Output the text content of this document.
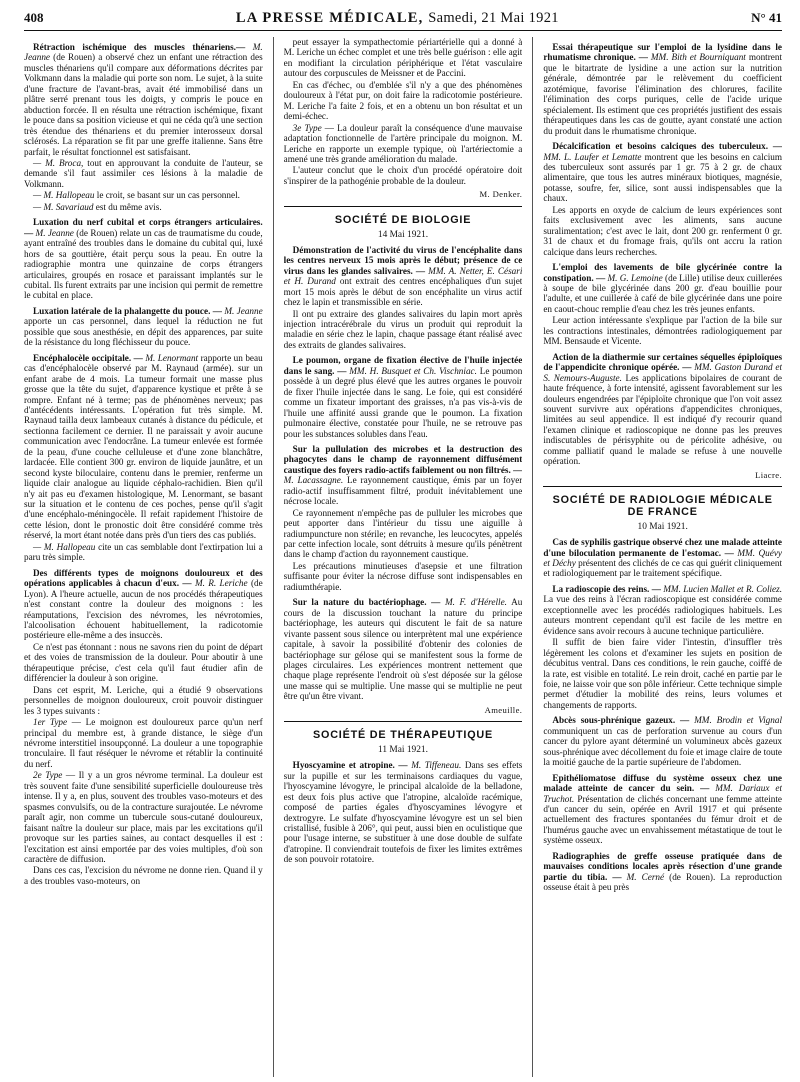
408	LA PRESSE MÉDICALE, Samedi, 21 Mai 1921	N° 41

Rétraction ischémique des muscles thénariens.— M. Jeanne (de Rouen) a observé chez un enfant une rétraction des muscles thénariens qu'il compare aux déformations décrites par Volkmann dans la maladie qui porte son nom. Le sujet, à la suite d'une fracture de l'avant-bras, avait été immobilisé dans un plâtre serré prenant tous les doigts, y compris le pouce en abduction forcée. Il en résulta une rétraction ischémique, fixant le pouce dans sa position vicieuse et qui ne céda qu'à une section très étendue des thénariens et du premier interosseux dorsal sclérosés. La réparation se fit par une greffe italienne. Sans être parfait, le résultat fonctionnel est satisfaisant.

— M. Broca, tout en approuvant la conduite de l'auteur, se demande s'il faut assimiler ces lésions à la maladie de Volkmann.

— M. Hallopeau le croit, se basant sur un cas personnel.

— M. Savariaud est du même avis.

Luxation du nerf cubital et corps étrangers articulaires. — M. Jeanne (de Rouen) relate un cas de traumatisme du coude, ayant entraîné des troubles dans le domaine du cubital qui, luxé hors de sa gouttière, était perçu sous la peau. En outre la radiographie montra une quinzaine de corps étrangers articulaires, groupés en rosace et paraissant implantés sur le cubital. Ils furent extraits par une incision qui permit de remettre le cubital en place.

Luxation latérale de la phalangette du pouce. — M. Jeanne apporte un cas personnel, dans lequel la réduction ne fut possible que sous anesthésie, en dépit des apparences, par suite de la résistance du long fléchisseur du pouce.

Encéphalocèle occipitale. — M. Lenormant rapporte un beau cas d'encéphalocèle observé par M. Raynaud (armée). sur un enfant arabe de 4 mois. La tumeur formait une masse plus grosse que la tête du sujet, d'apparence kystique et prête à se rompre. Enfant né à terme; pas de phénomènes nerveux; pas d'antécédents intéressants. L'opération fut très simple. M. Raynaud tailla deux lambeaux cutanés à distance du pédicule, et sectionna facilement ce dernier. Il ne paraissait y avoir aucune communication avec l'endocrâne. La tumeur enlevée est formée de la peau, d'une couche celluleuse et d'une zone blanchâtre, lardacée. Elle contient 300 gr. environ de liquide jaunâtre, et un second kyste biloculaire, contenu dans le premier, renferme un liquide clair analogue au liquide céphalo-rachidien. Bien qu'il n'y ait pas eu d'examen histologique, M. Lenormant, se basant sur la situation et le contenu de ces poches, pense qu'il s'agit d'une encéphalo-méningocèle. Il refait rapidement l'histoire de cette lésion, dont le pronostic doit être considéré comme très réservé, la mort étant notée dans près d'un tiers des cas publiés.

— M. Hallopeau cite un cas semblable dont l'extirpation lui a paru très simple.

Des différents types de moignons douloureux et des opérations applicables à chacun d'eux. — M. R. Leriche (de Lyon). A l'heure actuelle, aucun de nos procédés thérapeutiques n'est constant contre la douleur des moignons : les réamputations, l'excision des névromes, les névrotomies, l'alcoolisation échouent habituellement, la radicotomie postérieure elle-même a des insuccès.

Ce n'est pas étonnant : nous ne savons rien du point de départ et des voies de transmission de la douleur. Pour aboutir à une thérapeutique précise, c'est cela qu'il faut étudier afin de différencier la douleur à son origine.

Dans cet esprit, M. Leriche, qui a étudié 9 observations personnelles de moignon douloureux, croit pouvoir distinguer les 3 types suivants :

1er Type — Le moignon est douloureux parce qu'un nerf principal du membre est, à grande distance, le siège d'un névrome interstitiel insoupçonné. La douleur a une topographie tronculaire. Il faut réséquer le névrome et rétablir la continuité du nerf.

2e Type — Il y a un gros névrome terminal. La douleur est très souvent faite d'une sensibilité superficielle douloureuse très intense. Il y a, en plus, souvent des troubles vaso-moteurs et des spasmes convulsifs, ou de la contracture surajoutée. Le névrome paraît agir, non comme un tubercule sous-cutané douloureux, faisant naître la douleur sur place, mais par les excitations qu'il provoque sur les parties saines, au contact desquelles il est : l'excitation est ainsi emportée par des voies multiples, d'où son caractère de diffusion.

Dans ces cas, l'excision du névrome ne donne rien. Quand il y a des troubles vaso-moteurs, on

peut essayer la sympathectomie périartérielle qui a donné à M. Leriche un échec complet et une très belle guérison : elle agit en modifiant la circulation périphérique et l'état vasculaire autour des corpuscules de Meissner et de Paccini.

En cas d'échec, ou d'emblée s'il n'y a que des phénomènes douloureux à l'état pur, on doit faire la radicotomie postérieure. M. Leriche l'a faite 2 fois, et en a obtenu un bon résultat et un demi-échec.

3e Type — La douleur paraît la conséquence d'une mauvaise adaptation fonctionnelle de l'artère principale du moignon. M. Leriche en rapporte un exemple typique, où l'artériectomie a amené une très grande amélioration du malade.

L'auteur conclut que le choix d'un procédé opératoire doit s'inspirer de la pathogénie probable de la douleur.

M. Denker.

SOCIÉTÉ DE BIOLOGIE
14 Mai 1921.

Démonstration de l'activité du virus de l'encéphalite dans les centres nerveux 15 mois après le début; présence de ce virus dans les glandes salivaires. — MM. A. Netter, E. Césari et H. Durand ont extrait des centres encéphaliques d'un sujet mort 15 mois après le début de son encéphalite un virus actif chez le lapin et transmissible en série.

Il ont pu extraire des glandes salivaires du lapin mort après injection intracérébrale du virus un produit qui reproduit la maladie en série chez le lapin, chaque passage étant réalisé avec des extraits de glandes salivaires.

Le poumon, organe de fixation élective de l'huile injectée dans le sang. — MM. H. Busquet et Ch. Vischniac. Le poumon possède à un degré plus élevé que les autres organes le pouvoir de fixer l'huile injectée dans le sang. Le foie, qui est considéré comme un fixateur important des graisses, n'a pas vis-à-vis de l'huile une affinité aussi grande que le poumon. La fixation pulmonaire élective, constatée pour l'huile, ne se retrouve pas pour les substances solubles dans l'eau.

Sur la pullulation des microbes et la destruction des phagocytes dans le champ de rayonnement diffusément caustique des foyers radio-actifs faiblement ou non filtrés. — M. Lacassagne. Le rayonnement caustique, émis par un foyer radio-actif insuffisamment filtré, produit inévitablement une nécrose locale.

Ce rayonnement n'empêche pas de pulluler les microbes que peut apporter dans l'intérieur du tissu une aiguille à radiumpuncture non stérile; en revanche, les leucocytes, appelés par cette infection locale, sont détruits à mesure qu'ils pénètrent dans le champ d'action du rayonnement caustique.

Les précautions minutieuses d'asepsie et une filtration suffisante pour éviter la nécrose diffuse sont indispensables en radiumthérapie.

Sur la nature du bactériophage. — M. F. d'Hérelle. Au cours de la discussion touchant la nature du principe bactériophage, les auteurs qui discutent le fait de sa nature vivante passent sous silence ou interprètent mal une expérience capitale, à savoir la possibilité d'obtenir des colonies de bactériophage sur gélose qui se manifestent sous la forme de plages circulaires. Les expériences montrent nettement que chaque plage représente l'endroit où s'est déposée sur la gélose une masse qui se multiplie. Une masse qui se multiplie ne peut être qu'un être vivant.

Ameuille.

SOCIÉTÉ DE THÉRAPEUTIQUE
11 Mai 1921.

Hyoscyamine et atropine. — M. Tiffeneau. Dans ses effets sur la pupille et sur les terminaisons cardiaques du vague, l'hyoscyamine lévogyre, le principal alcaloïde de la belladone, est deux fois plus active que l'atropine, alcaloïde racémique, composé de parties égales d'hyoscyamines lévogyre et dextrogyre. Le sulfate d'hyoscyamine lévogyre est un sel bien cristallisé, fusible à 206°, qui peut, aussi bien en oculistique que pour l'usage interne, se substituer à une dose double de sulfate d'atropine. Il conviendrait toutefois de fixer les limites extrêmes de son pouvoir rotatoire.

Essai thérapeutique sur l'emploi de la lysidine dans le rhumatisme chronique. — MM. Bith et Bourniquant montrent que le bitartrate de lysidine a une action sur la nutrition générale, démontrée par le relèvement du coefficient azotémique, favorise l'élimination des chlorures, facilite l'élimination des corps puriques, celle de l'acide urique spécialement. Ils estiment que ces propriétés justifient des essais thérapeutiques dans les cas de goutte, ayant constaté une action du produit dans le rhumatisme chronique.

Décalcification et besoins calciques des tuberculeux. — MM. L. Laufer et Lematte montrent que les besoins en calcium des tuberculeux sont assurés par 1 gr. 75 à 2 gr. de chaux alimentaire, que tous les autres minéraux biotiques, magnésie, potasse, soufre, fer, silice, sont aussi indispensables que la chaux.

Les apports en oxyde de calcium de leurs expériences sont faits exclusivement avec les aliments, sans aucune suralimentation; c'est avec le lait, dont 200 gr. renferment 0 gr. 31 de chaux et du fromage frais, qu'ils ont accru la ration calcique dans leurs recherches.

L'emploi des lavements de bile glycérinée contre la constipation. — M. G. Lemoine (de Lille) utilise deux cuillerées à soupe de bile glycérinée dans 200 gr. d'eau bouillie pour l'adulte, et une cuillerée à café de bile glycérinée dans une poire en caout-chouc remplie d'eau chez les très jeunes enfants.

Leur action intéressante s'explique par l'action de la bile sur les contractions intestinales, démontrées radiologiquement par MM. Bensaude et Vicente.

Action de la diathermie sur certaines séquelles épiploïques de l'appendicite chronique opérée. — MM. Gaston Durand et S. Nemours-Auguste. Les applications bipolaires de courant de haute fréquence, à forte intensité, agissent favorablement sur les douleurs engendrées par l'épiploïte chronique que l'on voit assez souvent survivre aux opérations d'appendicites chroniques, limitées au seul appendice. Il est indiqué d'y recourir quand l'examen clinique et radioscopique ne donne pas les preuves indiscutables de périsyphite ou de péricolite adhésive, ou comme palliatif quand le malade se refuse à une nouvelle opération.

Liacre.

SOCIÉTÉ DE RADIOLOGIE MÉDICALE DE FRANCE
10 Mai 1921.

Cas de syphilis gastrique observé chez une malade atteinte d'une biloculation permanente de l'estomac. — MM. Quévy et Déchy présentent des clichés de ce cas qui guérit cliniquement et radiologiquement par le traitement spécifique.

La radioscopie des reins. — MM. Lucien Mallet et R. Coliez. La vue des reins à l'écran radioscopique est considérée comme exceptionnelle avec les procédés radiologiques habituels. Les auteurs montrent cependant qu'il est facile de les mettre en évidence sans avoir recours à aucune technique particulière.

Il suffit de bien faire vider l'intestin, d'insuffler très légèrement les colons et d'examiner les sujets en position de décubitus ventral. Dans ces conditions, le rein gauche, coiffé de la rate, est visible en totalité. Le rein droit, caché en partie par le foie, ne laisse voir que son pôle inférieur. Cette technique simple permet d'étudier la mobilité des reins, leurs volumes et changements de rapports.

Abcès sous-phrénique gazeux. — MM. Brodin et Vignal communiquent un cas de perforation survenue au cours d'un cancer du pylore ayant déterminé un volumineux abcès gazeux sous-phrénique avec décollement du foie et image claire de toute la moitié gauche de la partie supérieure de l'abdomen.

Epithéliomatose diffuse du système osseux chez une malade atteinte de cancer du sein. — MM. Dariaux et Truchot. Présentation de clichés concernant une femme atteinte d'un cancer du sein, opérée en Avril 1917 et qui présente actuellement des fractures spontanées du fémur droit et de l'humérus gauche avec un envahissement métastatique de tout le système osseux.

Radiographies de greffe osseuse pratiquée dans de mauvaises conditions locales après résection d'une grande partie du tibia. — M. Cerné (de Rouen). La reproduction osseuse était à peu près
